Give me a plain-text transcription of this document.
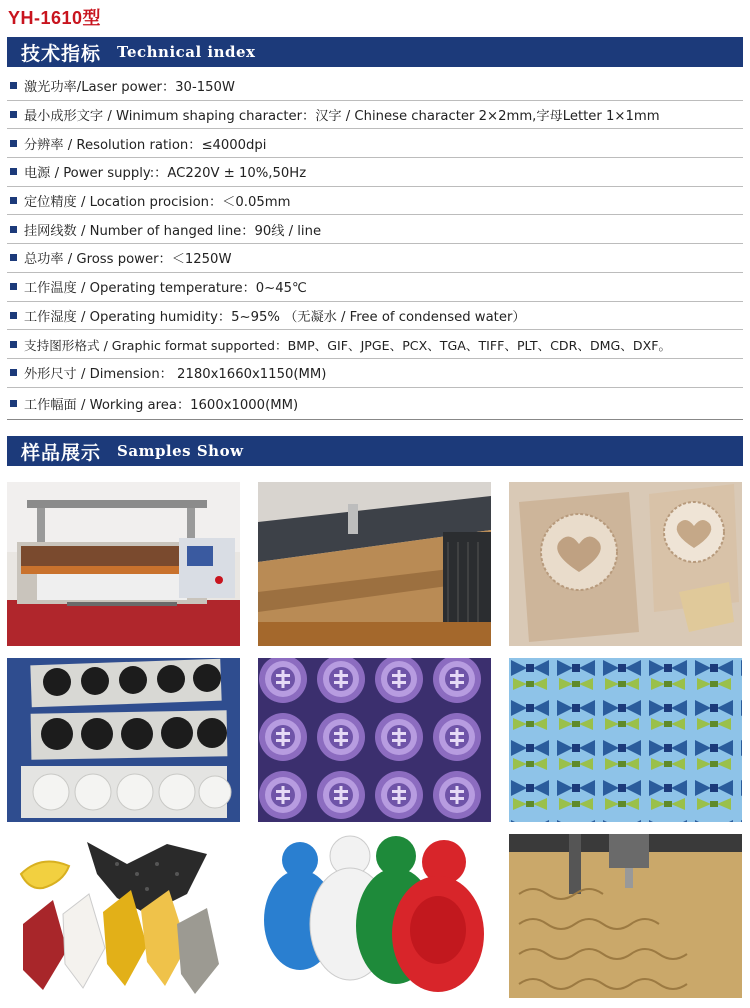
YH-1610型
技术指标 Technical index
激光功率/Laser power：30-150W
最小成形文字 / Winimum shaping character：汉字 / Chinese character 2×2mm,字母Letter 1×1mm
分辨率 / Resolution ration：≤4000dpi
电源 / Power supply:：AC220V ± 10%,50Hz
定位精度 / Location procision：＜0.05mm
挂网线数 / Number of hanged line：90线 / line
总功率 / Gross power：＜1250W
工作温度 / Operating temperature：0~45℃
工作湿度 / Operating humidity：5~95% （无凝水 / Free of condensed water）
支持图形格式 / Graphic format supported：BMP、GIF、JPGE、PCX、TGA、TIFF、PLT、CDR、DMG、DXF。
外形尺寸 / Dimension： 2180x1660x1150(MM)
工作幅面 / Working area：1600x1000(MM)
样品展示 Samples Show
